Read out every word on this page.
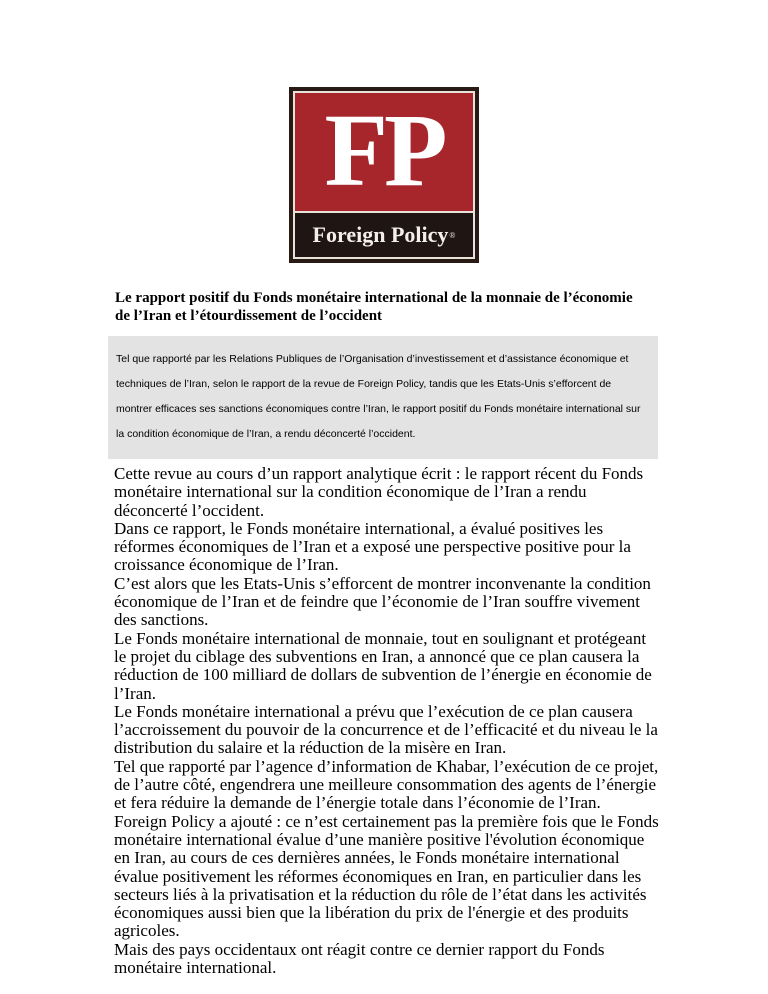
FP
Foreign Policy ®
Le rapport positif du Fonds monétaire international de la monnaie de l’économie de l’Iran et l’étourdissement de l’occident

Tel que rapporté par les Relations Publiques de l’Organisation d’investissement et d’assistance économique et techniques de l’Iran, selon le rapport de la revue de Foreign Policy, tandis que les Etats-Unis s’efforcent de montrer efficaces ses sanctions économiques contre l’Iran, le rapport positif du Fonds monétaire international sur la condition économique de l’Iran, a rendu déconcerté l’occident.

Cette revue au cours d’un rapport analytique écrit : le rapport récent du Fonds monétaire international sur la condition économique de l’Iran a rendu déconcerté l’occident.

Dans ce rapport, le Fonds monétaire international, a évalué positives les réformes économiques de l’Iran et a exposé une perspective positive pour la croissance économique de l’Iran.

C’est alors que les Etats-Unis s’efforcent de montrer inconvenante la condition économique de l’Iran et de feindre que l’économie de l’Iran souffre vivement des sanctions.

Le Fonds monétaire international de monnaie, tout en soulignant et protégeant le projet du ciblage des subventions en Iran, a annoncé que ce plan causera la réduction de 100 milliard de dollars de subvention de l’énergie en économie de l’Iran.

Le Fonds monétaire international a prévu que l’exécution de ce plan causera l’accroissement du pouvoir de la concurrence et de l’efficacité et du niveau le la distribution du salaire et la réduction de la misère en Iran.

Tel que rapporté par l’agence d’information de Khabar, l’exécution de ce projet, de l’autre côté, engendrera une meilleure consommation des agents de l’énergie et fera réduire la demande de l’énergie totale dans l’économie de l’Iran.

Foreign Policy a ajouté : ce n’est certainement pas la première fois que le Fonds monétaire international évalue d’une manière positive l'évolution économique en Iran, au cours de ces dernières années, le Fonds monétaire international évalue positivement les réformes économiques en Iran, en particulier dans les secteurs liés à la privatisation et la réduction du rôle de l’état dans les activités économiques aussi bien que la libération du prix de l'énergie et des produits agricoles.

Mais des pays occidentaux ont réagit contre ce dernier rapport du Fonds monétaire international.
